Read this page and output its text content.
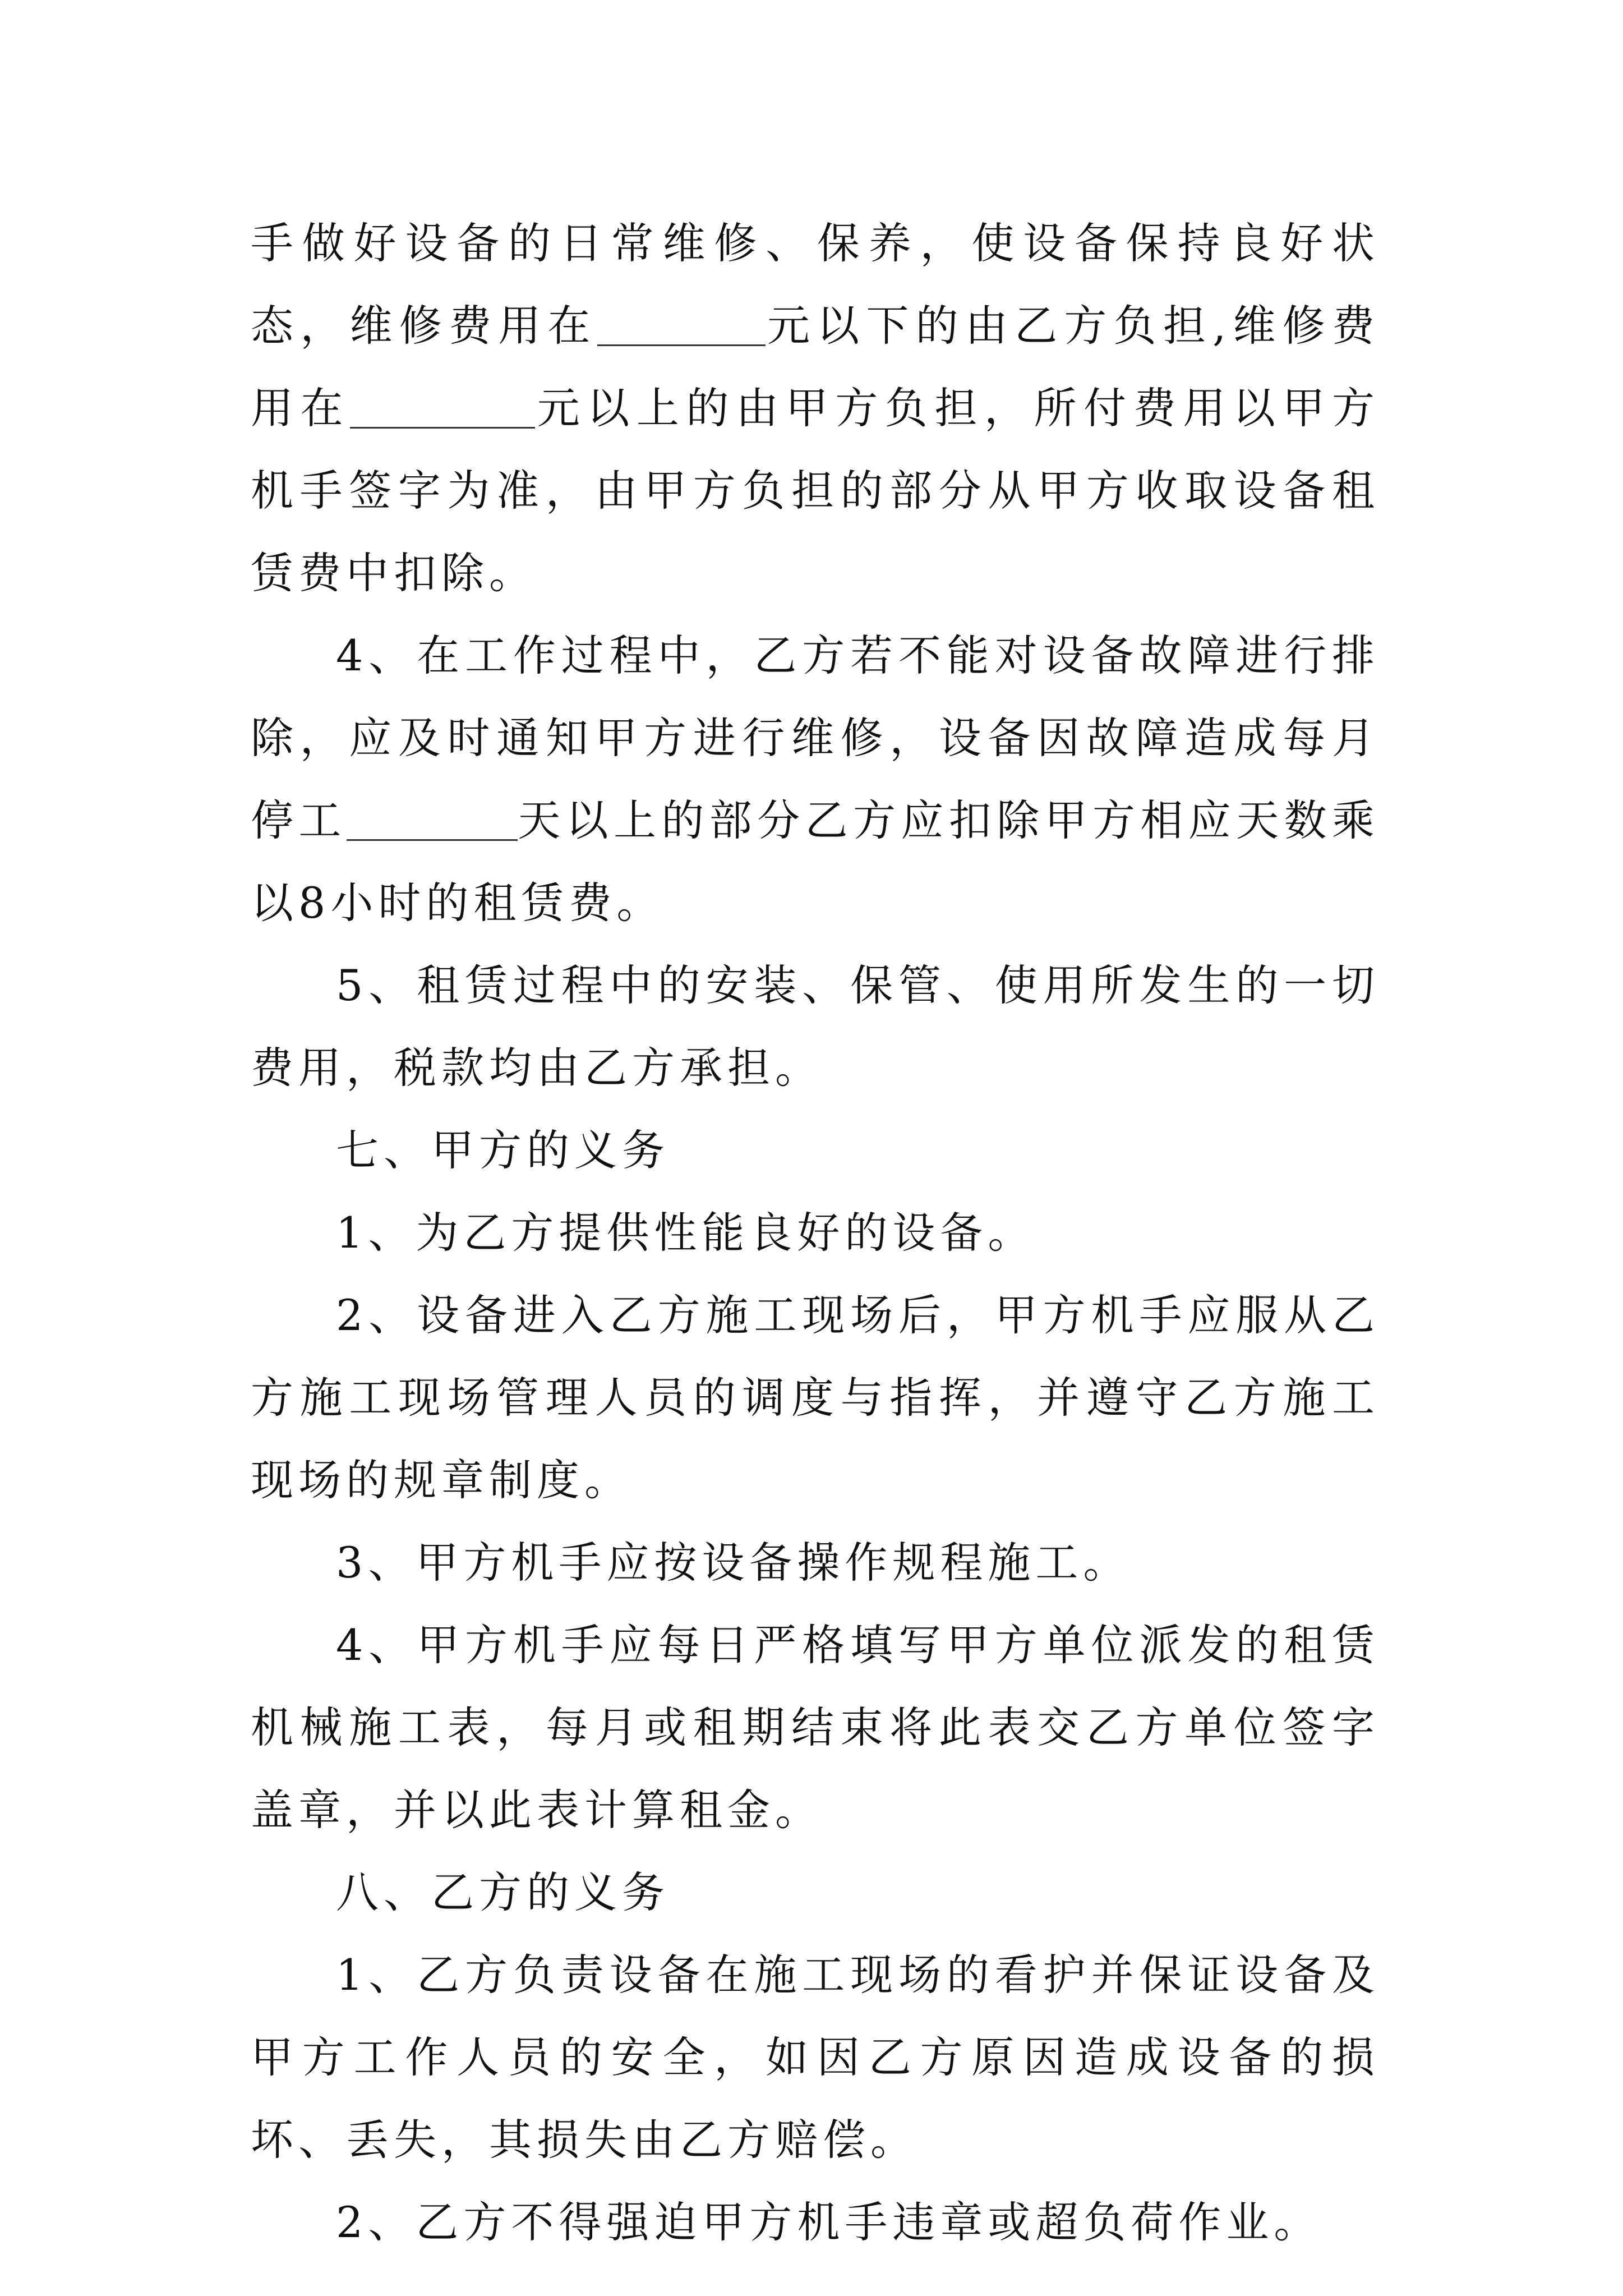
手做好设备的日常维修、保养，使设备保持良好状态，维修费用在	元以下的由乙方负担,维修费用在	元以上的由甲方负担，所付费用以甲方机手签字为准，由甲方负担的部分从甲方收取设备租赁费中扣除。

4、在工作过程中，乙方若不能对设备故障进行排除，应及时通知甲方进行维修，设备因故障造成每月停工	天以上的部分乙方应扣除甲方相应天数乘以8小时的租赁费。

5、租赁过程中的安装、保管、使用所发生的一切费用，税款均由乙方承担。

七、甲方的义务

1、为乙方提供性能良好的设备。

2、设备进入乙方施工现场后，甲方机手应服从乙方施工现场管理人员的调度与指挥，并遵守乙方施工现场的规章制度。

3、甲方机手应按设备操作规程施工。

4、甲方机手应每日严格填写甲方单位派发的租赁机械施工表，每月或租期结束将此表交乙方单位签字盖章，并以此表计算租金。

八、乙方的义务

1、乙方负责设备在施工现场的看护并保证设备及甲方工作人员的安全，如因乙方原因造成设备的损坏、丢失，其损失由乙方赔偿。

2、乙方不得强迫甲方机手违章或超负荷作业。
